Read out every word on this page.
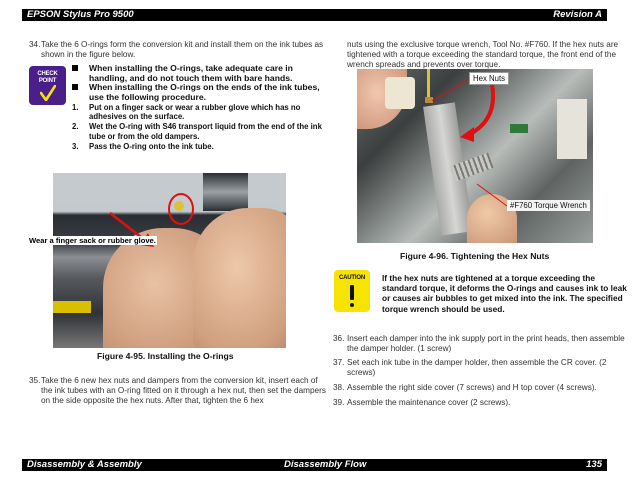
EPSON Stylus Pro 9500	Revision A
34. Take the 6 O-rings form the conversion kit and install them on the ink tubes as shown in the figure below.
CHECK
POINT
When installing the O-rings, take adequate care in handling, and do not touch them with bare hands.
When installing the O-rings on the ends of the ink tubes, use the following procedure.
1. Put on a finger sack or wear a rubber glove which has no adhesives on the surface.
2. Wet the O-ring with S46 transport liquid from the end of the ink tube or from the old dampers.
3. Pass the O-ring onto the ink tube.
Wear a finger sack or rubber glove.
Figure 4-95. Installing the O-rings
35. Take the 6 new hex nuts and dampers from the conversion kit, insert each of the ink tubes with an O-ring fitted on it through a hex nut, then set the dampers on the side opposite the hex nuts. After that, tighten the 6 hex
nuts using the exclusive torque wrench, Tool No. #F760. If the hex nuts are tightened with a torque exceeding the standard torque, the front end of the wrench spreads and prevents over torque.
Hex Nuts
#F760 Torque Wrench
Figure 4-96. Tightening the Hex Nuts
CAUTION	If the hex nuts are tightened at a torque exceeding the standard torque, it deforms the O-rings and causes ink to leak or causes air bubbles to get mixed into the ink. The specified torque wrench should be used.
36. Insert each damper into the ink supply port in the print heads, then assemble the damper holder. (1 screw)
37. Set each ink tube in the damper holder, then assemble the CR cover. (2 screws)
38. Assemble the right side cover (7 screws) and H top cover (4 screws).
39. Assemble the maintenance cover (2 screws).
Disassembly & Assembly	Disassembly Flow	135
